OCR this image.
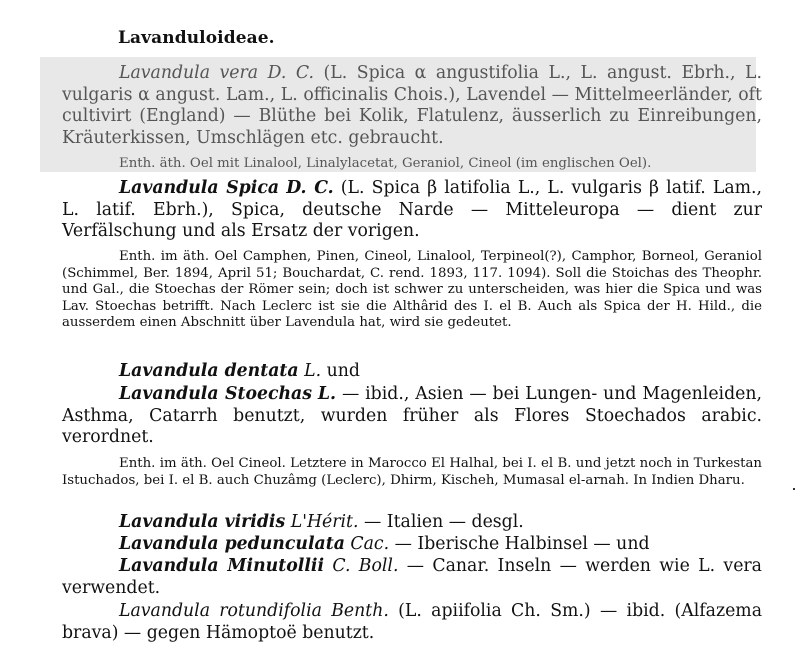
Lavanduloideae.

Lavandula vera D. C. (L. Spica α angustifolia L., L. angust. Ebrh., L. vulgaris α angust. Lam., L. officinalis Chois.), Lavendel — Mittelmeerländer, oft cultivirt (England) — Blüthe bei Kolik, Flatulenz, äusserlich zu Einreibungen, Kräuterkissen, Umschlägen etc. gebraucht.

Enth. äth. Oel mit Linalool, Linalylacetat, Geraniol, Cineol (im englischen Oel).

Lavandula Spica D. C. (L. Spica β latifolia L., L. vulgaris β latif. Lam., L. latif. Ebrh.), Spica, deutsche Narde — Mitteleuropa — dient zur Verfälschung und als Ersatz der vorigen.

Enth. im äth. Oel Camphen, Pinen, Cineol, Linalool, Terpineol(?), Camphor, Borneol, Geraniol (Schimmel, Ber. 1894, April 51; Bouchardat, C. rend. 1893, 117. 1094). Soll die Stoichas des Theophr. und Gal., die Stoechas der Römer sein; doch ist schwer zu unterscheiden, was hier die Spica und was Lav. Stoechas betrifft. Nach Leclerc ist sie die Althârid des I. el B. Auch als Spica der H. Hild., die ausserdem einen Abschnitt über Lavendula hat, wird sie gedeutet.

Lavandula dentata L. und

Lavandula Stoechas L. — ibid., Asien — bei Lungen- und Magenleiden, Asthma, Catarrh benutzt, wurden früher als Flores Stoechados arabic. verordnet.

Enth. im äth. Oel Cineol. Letztere in Marocco El Halhal, bei I. el B. und jetzt noch in Turkestan Istuchados, bei I. el B. auch Chuzâmg (Leclerc), Dhirm, Kischeh, Mumasal el-arnah. In Indien Dharu.

Lavandula viridis L'Hérit. — Italien — desgl.

Lavandula pedunculata Cac. — Iberische Halbinsel — und

Lavandula Minutollii C. Boll. — Canar. Inseln — werden wie L. vera verwendet.

Lavandula rotundifolia Benth. (L. apiifolia Ch. Sm.) — ibid. (Alfazema brava) — gegen Hämoptoë benutzt.
